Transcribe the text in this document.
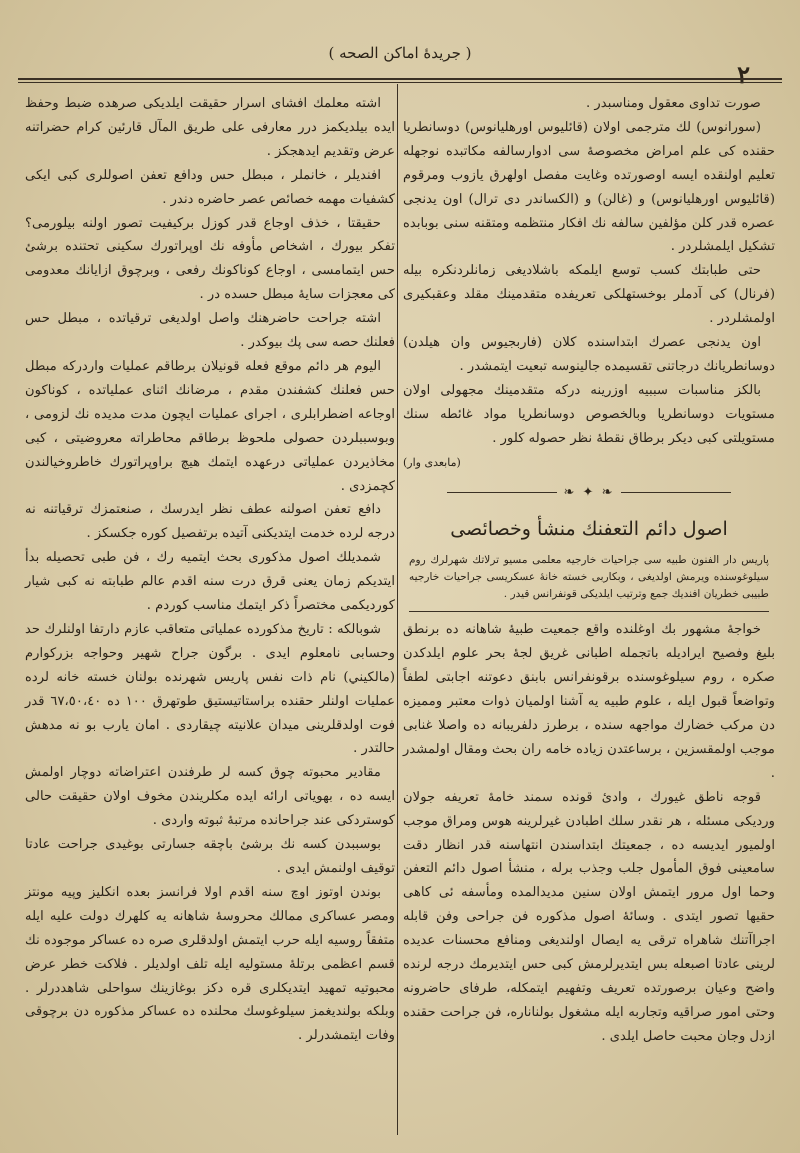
( جريدهٔ اماكن الصحه )
٢

صورت تداوى معقول ومناسبدر .

(سورانوس) لك مترجمى اولان (قائليوس اورهليانوس) دوسانطريا حقنده كى علم امراض مخصوصهٔ سى ادوارسالفه مكاتبده نوجهله تعليم اولنقده ايسه اوصورتده وغايت مفصل اولهرق يازوب ومرقوم (قائليوس اورهليانوس) و (غالن) و (الكساندر دى ترال) اون يدنجى عصره قدر كلن مؤلفين سالفه نك افكار منتظمه ومتقنه سنى بوبابده تشكيل ايلمشلردر .

حتى طبابتك كسب توسع ايلمكه باشلاديغى زمانلردنكره بيله (فرنال) كى آدملر بوخستهلكى تعريفده متقدمينك مقلد وعقبكيرى اولمشلردر .

اون يدنجى عصرك ابتداسنده كلان (فاربجيوس وان هيلدن) دوسانطريانك درجاتنى تقسيمده جالينوسه تبعيت ايتمشدر .

بالكز مناسبات سببيه اوزرينه دركه متقدمينك مجهولى اولان مستويات دوسانطريا وبالخصوص دوسانطريا مواد غائطه سنك مستويلتى كبى ديكر برطاق نقطهٔ نظر حصوله كلور .

(مابعدى وار)

❧ ✦ ❧
اصول دائم التعفنك منشأ وخصائصى
پاريس دار الفنون طبيه سى جراحيات خارجيه معلمى مسيو ترلاتك شهرلرك روم سيلوغوسنده ويرمش اولديغى ، وبكاربى خسته خانهٔ عسكريسى جراحيات خارجيه طبيبى خطريان افنديك جمع وترتيب ايلديكى قونفرانس قيدر .

خواجهٔ مشهور بك اوغلنده واقع جمعيت طبيهٔ شاهانه ده برنطق بليغ وفصيح ايراديله باتجمله اطبانى غريق لجهٔ بحر علوم ايلدكدن صكره ، روم سيلوغوسنده برقونفرانس بابنق دعوتنه اجابتى لطفاً وتواضعاً قبول ايله ، علوم طبيه يه آشنا اولميان ذوات معتبر ومميزه دن مركب خضارك مواجهه سنده ، برطرز دلفريبانه ده واصلا غنابى موجب اولمقسزين ، برساعتدن زياده خامه ران بحث ومقال اولمشدر .

قوجه ناطق غيورك ، وادئ قونده سمند خامهٔ تعريفه جولان ورديكى مسئله ، هر نقدر سلك اطبادن غيرلرينه هوس ومراق موجب اولميور ايديسه ده ، جمعيتك ابتداسندن انتهاسنه قدر انظار دقت سامعينى فوق المأمول جلب وجذب برله ، منشأ اصول دائم التعفن وحما اول مرور ايتمش اولان سنين مديدالمده ومأسفه ئى كاهى حقيها تصور ايتدى . وسائهٔ اصول مذكوره فن جراحى وفن قابله اجراآتنك شاهراه ترقى يه ايصال اولنديغى ومنافع محسنات عديده لرينى عادتا اصبعله بس ايتديرلرمش كبى حس ايتديرمك درجه لرنده واضح وعيان برصورتده تعريف وتفهيم ايتمكله، طرفاى حاضرونه وحتى امور صراقيه وتجاربه ايله مشغول بولناناره، فن جراحت حقنده ازدل وجان محبت حاصل ايلدى .

اشته معلمك افشاى اسرار حقيقت ايلديكى صرهده ضبط وحفظ ايده بيلديكمز درر معارفى على طريق المآل قارئين كرام حضراتنه عرض وتقديم ايدهجكز .

افنديلر ، خانملر ، مبطل حس ودافع تعفن اصوللرى كبى ايكى كشفيات مهمه خصائص عصر حاضره دندر .

حقيقتا ، خذف اوجاع قدر كوزل بركيفيت تصور اولنه بيلورمى؟ تفكر بيورك ، اشخاص مأوفه نك اوپراتورك سكينى تحتنده برشئ حس ايتمامسى ، اوجاع كوناكونك رفعى ، وبرچوق ازايانك معدومى كى معجزات سايهٔ مبطل حسده در .

اشته جراحت حاضرهنك واصل اولديغى ترقياتده ، مبطل حس فعلنك حصه سى پك بيوكدر .

اليوم هر دائم موقع فعله قونيلان برطاقم عمليات واردركه مبطل حس فعلنك كشفندن مقدم ، مرضانك اثناى عملياتده ، كوناكون اوجاعه اضطرابلرى ، اجراى عمليات ايچون مدت مديده نك لزومى ، وبوسببلردن حصولى ملحوظ برطاقم محاطراته معروضيتى ، كبى مخاذيردن عملياتى درعهده ايتمك هيچ براوپراتورك خاطروخيالندن كچمزدى .

دافع تعفن اصولنه عطف نظر ايدرسك ، صنعتمزك ترقياتنه نه درجه لرده خدمت ايتديكنى آتيده برتفصيل كوره جكسكز .

شمديلك اصول مذكورى بحث ايتميه رك ، فن طبى تحصيله بدأ ايتديكم زمان يعنى قرق درت سنه اقدم عالم طبابته نه كبى شيار كورديكمى مختصراً ذكر ايتمك مناسب كوردم .

شوبالكه : تاريخ مذكورده عملياتى متعاقب عازم دارتفا اولنلرك حد وحسابى نامعلوم ايدى . برگون جراح شهير وحواجه بزركوارم (مالكيني) نام ذات نفس پاريس شهرنده بولنان خسته خانه لرده عمليات اولنلر حقنده براستاتيستيق طوتهرق ١٠٠ ده ٦٧،٥٠،٤٠ قدر فوت اولدقلرينى ميدان علانيته چيقاردى . امان يارب بو نه مدهش حالتدر .

مقادير محبوته چوق كسه لر طرفندن اعتراضاته دوچار اولمش ايسه ده ، بهوياتى ارائه ايده مكلريندن مخوف اولان حقيقت حالى كوستردكى عند جراحانده مرتبهٔ ثبوته واردى .

بوسببدن كسه نك برشئ باچقه جسارتى بوغيدى جراحت عادتا توقيف اولنمش ايدى .

بوندن اوتوز اوچ سنه اقدم اولا فرانسز بعده انكليز وپيه مونتز ومصر عساكرى ممالك محروسهٔ شاهانه يه كلهرك دولت علیه ايله متفقاً روسيه ايله حرب ايتمش اولدقلرى صره ده عساكر موجوده نك قسم اعظمى برتلهٔ مستوليه ايله تلف اولديلر . فلاكت خطر عرض محبوتيه تمهيد ايتديكلرى قره دكز بوغازينك سواحلى شاهددرلر . وبلكه بولنديغمز سيلوغوسك محلنده ده عساكر مذكوره دن برچوقى وفات ايتمشدرلر .
